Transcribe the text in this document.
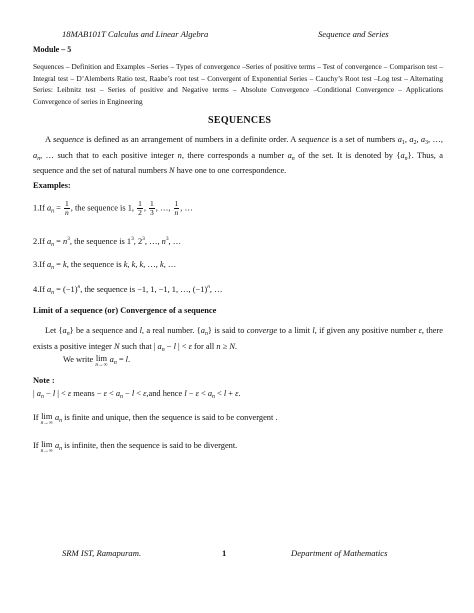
18MAB101T Calculus and Linear Algebra	Sequence and Series
Module – 5
Sequences – Definition and Examples –Series – Types of convergence –Series of positive terms – Test of convergence – Comparison test – Integral test – D’Alemberts Ratio test, Raabe’s root test – Convergent of Exponential Series – Cauchy’s Root test –Log test – Alternating Series: Leibnitz test – Series of positive and Negative terms – Absolute Convergence –Conditional Convergence – Applications Convergence of series in Engineering
SEQUENCES
A sequence is defined as an arrangement of numbers in a definite order. A sequence is a set of numbers $a_1$, $a_2$, $a_3$, …, $a_n$, … such that to each positive integer n, there corresponds a number $a_n$ of the set. It is denoted by $\{a_n\}$. Thus, a sequence and the set of natural numbers N have one to one correspondence.
Examples:
1.If $a_n = \frac{1}{n}$ , the sequence is 1, $\frac{1}{2}$ , $\frac{1}{3}$ , …, $\frac{1}{n}$ , …
2.If $a_n = n^3$, the sequence is $1^3$, $2^3$, …, $n^3$, …
3.If $a_n = k$, the sequence is k, k, k, …, k, …
4.If $a_n = (-1)^n$, the sequence is −1, 1, −1, 1, …, $(-1)^n$, …
Limit of a sequence (or) Convergence of a sequence
Let $\{a_n\}$ be a sequence and l, a real number. $\{a_n\}$ is said to converge to a limit l, if given any positive number ε, there exists a positive integer N such that | $a_n - l$ | < ε for all n ≥ N.
We write lim
n→∞
$a_n = l$.
Note :
| $a_n - l$ | < ε means − $\varepsilon < a_n - l < \varepsilon,and$ hence $l - \varepsilon < a_n < l + \varepsilon$.
If lim
n→∞
$a_n$ is finite and unique, then the sequence is said to be convergent .
If lim
n→∞
$a_n$ is infinite, then the sequence is said to be divergent.
SRM IST, Ramapuram.	1	Department of Mathematics
